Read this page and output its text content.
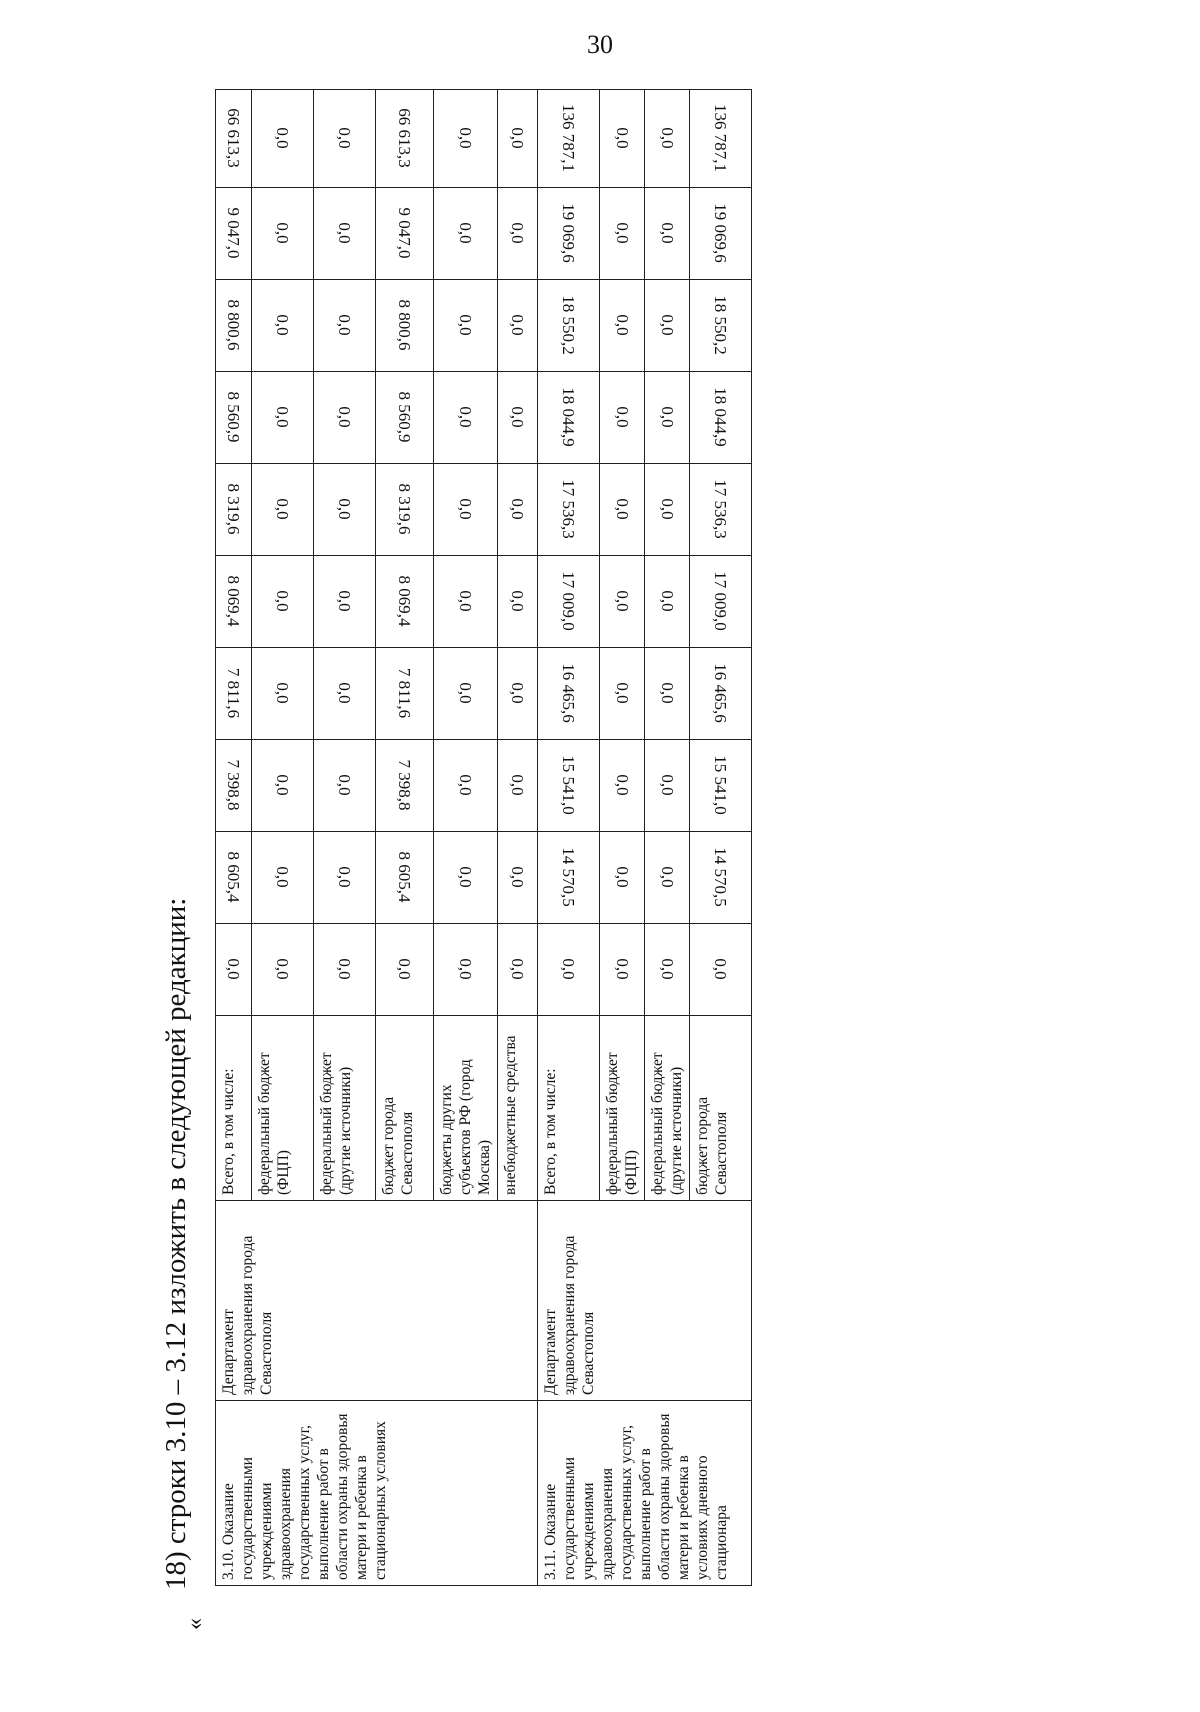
30
«
18) строки 3.10 – 3.12 изложить в следующей редакции: 3.10. Оказание государственными учреждениями здравоохранения государственных услуг, выполнение работ в области охраны здоровья матери и ребенка в стационарных условиях	Департамент здравоохранения города Севастополя	Всего, в том числе:	0,0	8 605,4	7 398,8	7 811,6	8 069,4	8 319,6	8 560,9	8 800,6	9 047,0	66 613,3
		федеральный бюджет (ФЦП)	0,0	0,0	0,0	0,0	0,0	0,0	0,0	0,0	0,0	0,0
		федеральный бюджет (другие источники)	0,0	0,0	0,0	0,0	0,0	0,0	0,0	0,0	0,0	0,0
		бюджет города Севастополя	0,0	8 605,4	7 398,8	7 811,6	8 069,4	8 319,6	8 560,9	8 800,6	9 047,0	66 613,3
		бюджеты других субъектов РФ (город Москва)	0,0	0,0	0,0	0,0	0,0	0,0	0,0	0,0	0,0	0,0
		внебюджетные средства	0,0	0,0	0,0	0,0	0,0	0,0	0,0	0,0	0,0	0,0
3.11. Оказание государственными учреждениями здравоохранения государственных услуг, выполнение работ в области охраны здоровья матери и ребенка в условиях дневного стационара	Департамент здравоохранения города Севастополя	Всего, в том числе:	0,0	14 570,5	15 541,0	16 465,6	17 009,0	17 536,3	18 044,9	18 550,2	19 069,6	136 787,1
		федеральный бюджет (ФЦП)	0,0	0,0	0,0	0,0	0,0	0,0	0,0	0,0	0,0	0,0
		федеральный бюджет (другие источники)	0,0	0,0	0,0	0,0	0,0	0,0	0,0	0,0	0,0	0,0
		бюджет города Севастополя	0,0	14 570,5	15 541,0	16 465,6	17 009,0	17 536,3	18 044,9	18 550,2	19 069,6	136 787,1
